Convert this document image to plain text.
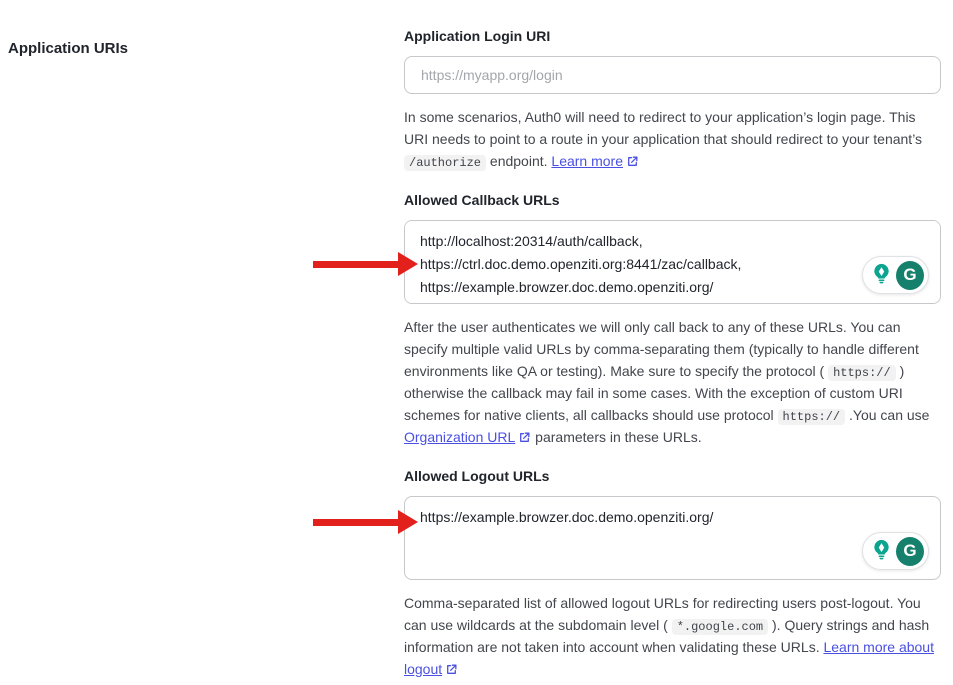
Application URIs
Application Login URI
https://myapp.org/login

In some scenarios, Auth0 will need to redirect to your application’s login page. This URI needs to point to a route in your application that should redirect to your tenant’s /authorize endpoint. Learn more

Allowed Callback URLs
http://localhost:20314/auth/callback, https://ctrl.doc.demo.openziti.org:8441/zac/callback, https://example.browzer.doc.demo.openziti.org/
G

After the user authenticates we will only call back to any of these URLs. You can specify multiple valid URLs by comma-separating them (typically to handle different environments like QA or testing). Make sure to specify the protocol ( https:// ) otherwise the callback may fail in some cases. With the exception of custom URI schemes for native clients, all callbacks should use protocol https:// .You can use Organization URL parameters in these URLs.

Allowed Logout URLs
https://example.browzer.doc.demo.openziti.org/
G

Comma-separated list of allowed logout URLs for redirecting users post-logout. You can use wildcards at the subdomain level ( *.google.com ). Query strings and hash information are not taken into account when validating these URLs. Learn more about logout
